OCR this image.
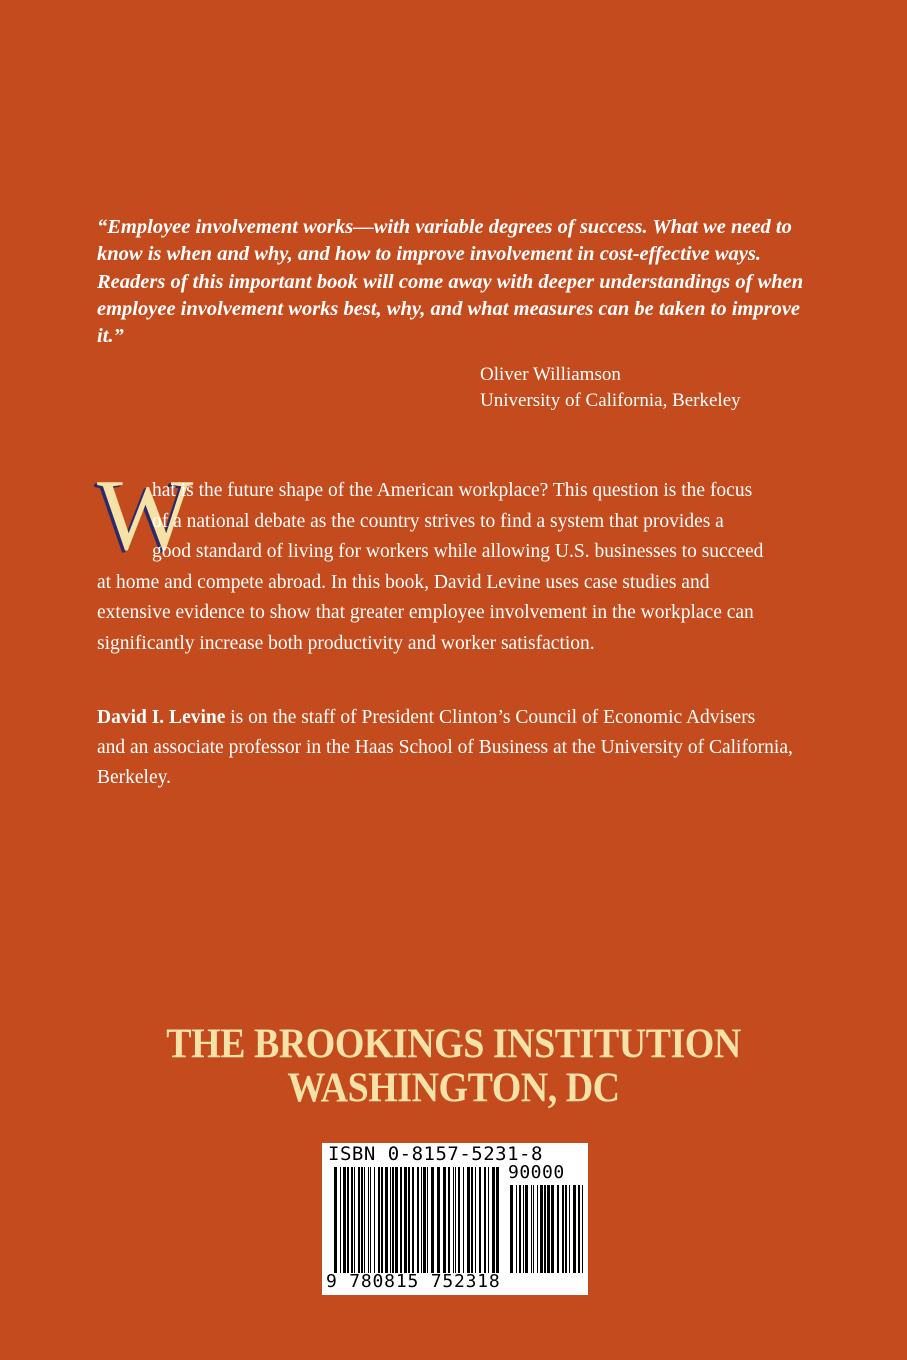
“Employee involvement works—with variable degrees of success. What we need to know is when and why, and how to improve involvement in cost-effective ways. Readers of this important book will come away with deeper understandings of when employee involvement works best, why, and what measures can be taken to improve it.”

Oliver Williamson
University of California, Berkeley
W
hat is the future shape of the American workplace? This question is the focus
of a national debate as the country strives to find a system that provides a
good standard of living for workers while allowing U.S. businesses to succeed
at home and compete abroad. In this book, David Levine uses case studies and
extensive evidence to show that greater employee involvement in the workplace can
significantly increase both productivity and worker satisfaction.
David I. Levine is on the staff of President Clinton’s Council of Economic Advisers
and an associate professor in the Haas School of Business at the University of California,
Berkeley.
THE BROOKINGS INSTITUTION
WASHINGTON, DC
ISBN 0-8157-5231-8
90000
9 780815 752318
